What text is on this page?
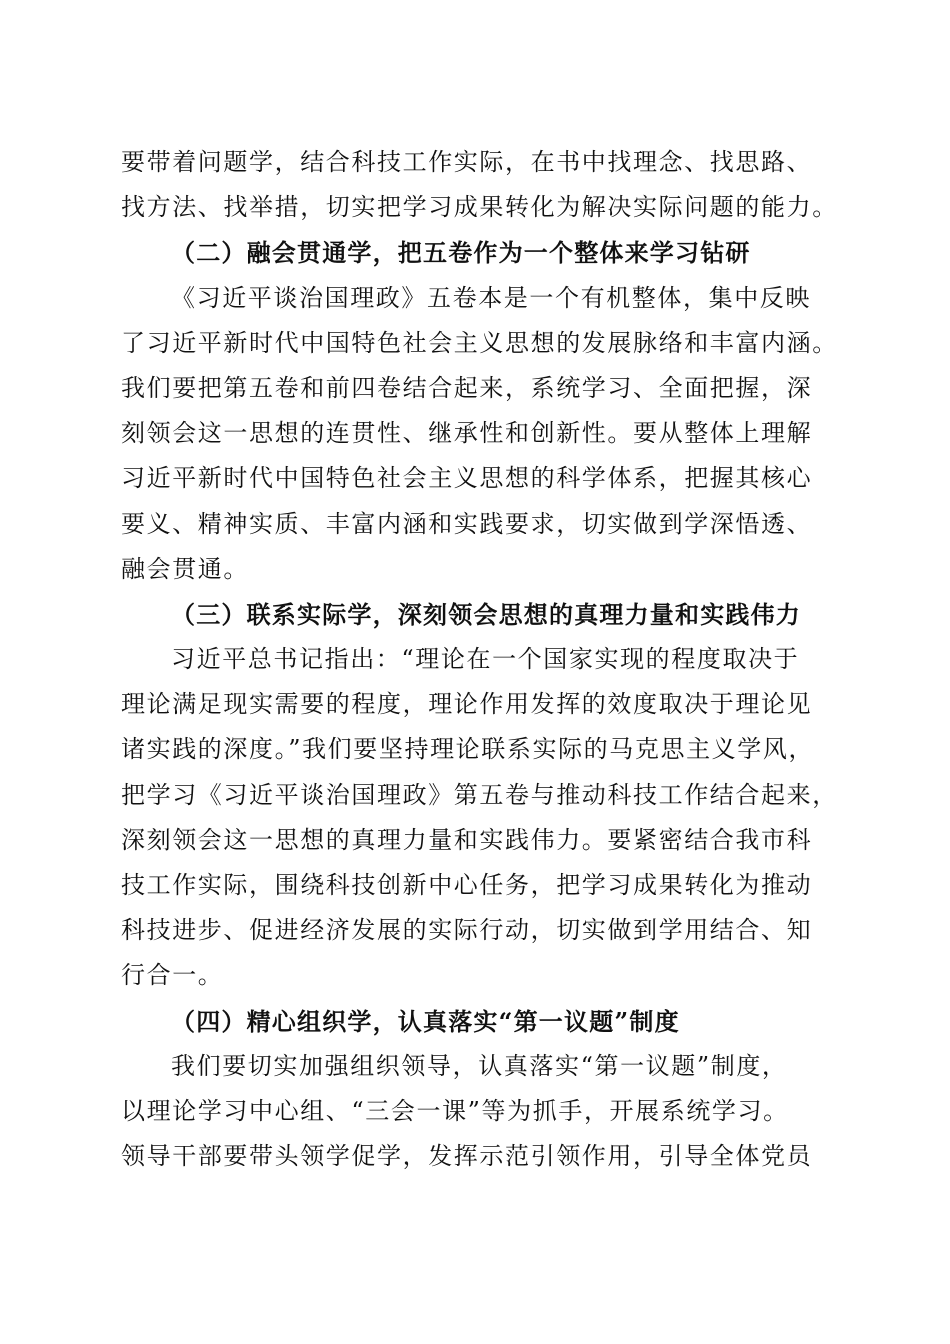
要带着问题学，结合科技工作实际，在书中找理念、找思路、
找方法、找举措，切实把学习成果转化为解决实际问题的能力。
（二）融会贯通学，把五卷作为一个整体来学习钻研
《习近平谈治国理政》五卷本是一个有机整体，集中反映
了习近平新时代中国特色社会主义思想的发展脉络和丰富内涵。
我们要把第五卷和前四卷结合起来，系统学习、全面把握，深
刻领会这一思想的连贯性、继承性和创新性。要从整体上理解
习近平新时代中国特色社会主义思想的科学体系，把握其核心
要义、精神实质、丰富内涵和实践要求，切实做到学深悟透、
融会贯通。
（三）联系实际学，深刻领会思想的真理力量和实践伟力
习近平总书记指出：“理论在一个国家实现的程度取决于
理论满足现实需要的程度，理论作用发挥的效度取决于理论见
诸实践的深度。”我们要坚持理论联系实际的马克思主义学风，
把学习《习近平谈治国理政》第五卷与推动科技工作结合起来，
深刻领会这一思想的真理力量和实践伟力。要紧密结合我市科
技工作实际，围绕科技创新中心任务，把学习成果转化为推动
科技进步、促进经济发展的实际行动，切实做到学用结合、知
行合一。
（四）精心组织学，认真落实“第一议题”制度
我们要切实加强组织领导，认真落实“第一议题”制度，
以理论学习中心组、“三会一课”等为抓手，开展系统学习。
领导干部要带头领学促学，发挥示范引领作用，引导全体党员
